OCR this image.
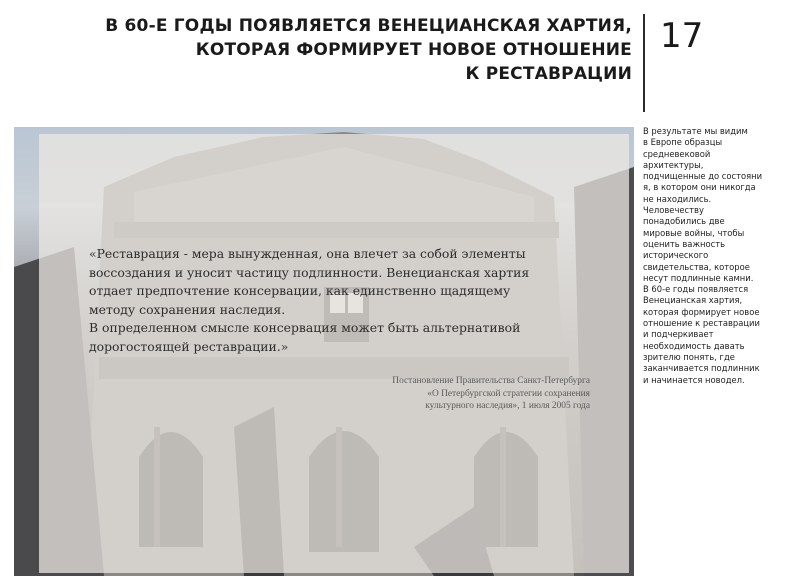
В 60-Е ГОДЫ ПОЯВЛЯЕТСЯ ВЕНЕЦИАНСКАЯ ХАРТИЯ,
КОТОРАЯ ФОРМИРУЕТ НОВОЕ ОТНОШЕНИЕ
К РЕСТАВРАЦИИ
17
«Реставрация - мера вынужденная, она влечет за собой элементы
воссоздания и уносит частицу подлинности. Венецианская хартия
отдает предпочтение консервации, как единственно щадящему
методу сохранения наследия.
В определенном смысле консервация может быть альтернативой
дорогостоящей реставрации.»
Постановление Правительства Санкт-Петербурга
«О Петербургской стратегии сохранения
культурного наследия», 1 июля 2005 года
В результате мы видим
в Европе образцы
средневековой
архитектуры,
подчищенные до состояни
я, в котором они никогда
не находились.
Человечеству
понадобились две
мировые войны, чтобы
оценить важность
исторического
свидетельства, которое
несут подлинные камни.
В 60-е годы появляется
Венецианская хартия,
которая формирует новое
отношение к реставрации
и подчеркивает
необходимость давать
зрителю понять, где
заканчивается подлинник
и начинается новодел.
